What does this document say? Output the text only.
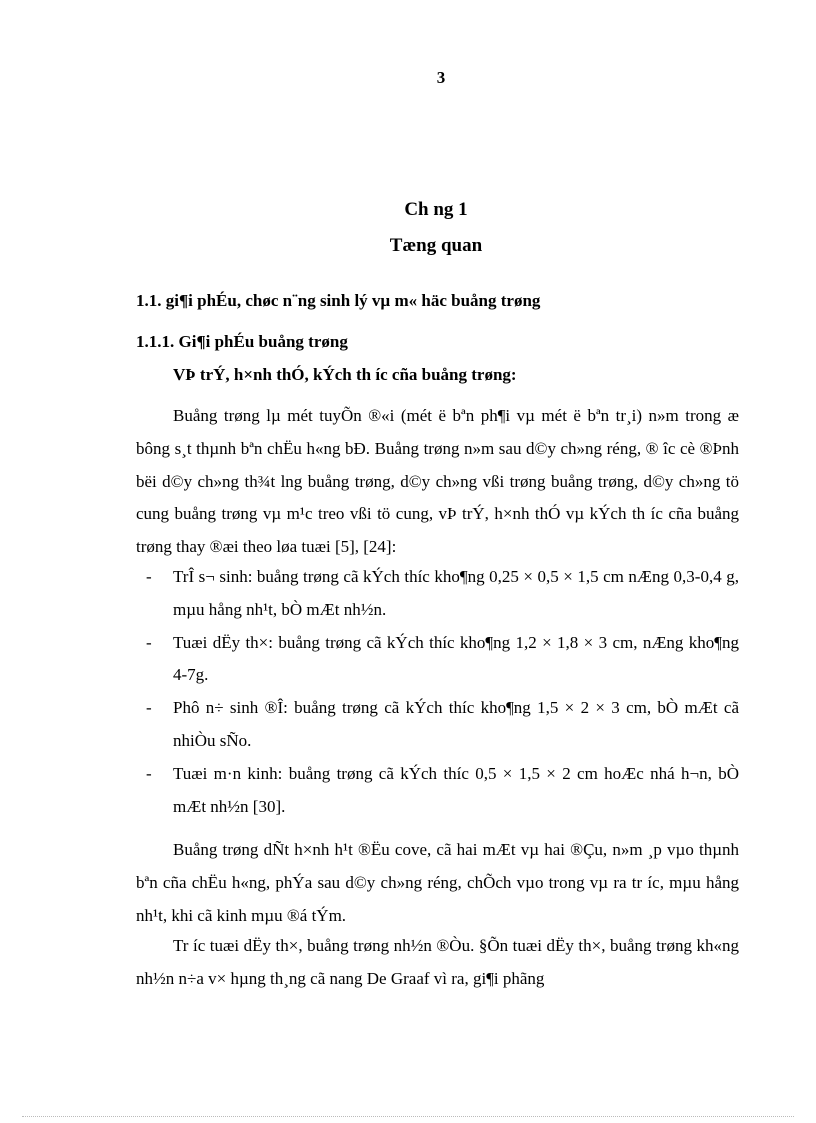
3
Ch ng 1
Tæng quan
1.1. gi¶i phÉu, chøc n¨ng sinh lý vµ m« häc buång trøng
1.1.1. Gi¶i phÉu buång trøng
VÞ trÝ, h×nh thÓ, kÝch th íc cña buång trøng:

Buång trøng lµ mét tuyÕn ®«i (mét ë bªn ph¶i vµ mét ë bªn tr¸i) n»m trong æ bông s¸t thµnh bªn chËu h«ng bÐ. Buång trøng n»m sau d©y ch»ng réng, ® îc cè ®Þnh bëi d©y ch»ng th¾t lng buång trøng, d©y ch»ng vßi trøng buång trøng, d©y ch»ng tö cung buång trøng vµ m¹c treo vßi tö cung, vÞ trÝ, h×nh thÓ vµ kÝch th íc cña buång trøng thay ®æi theo løa tuæi [5], [24]:

- TrÎ s¬ sinh: buång trøng cã kÝch thíc kho¶ng 0,25 × 0,5 × 1,5 cm nÆng 0,3-0,4 g, mµu hång nh¹t, bÒ mÆt nh½n.
- Tuæi dËy th×: buång trøng cã kÝch thíc kho¶ng 1,2 × 1,8 × 3 cm, nÆng kho¶ng 4-7g.
- Phô n÷ sinh ®Î: buång trøng cã kÝch thíc kho¶ng 1,5 × 2 × 3 cm, bÒ mÆt cã nhiÒu sÑo.
- Tuæi m·n kinh: buång trøng cã kÝch thíc 0,5 × 1,5 × 2 cm hoÆc nhá h¬n, bÒ mÆt nh½n [30].

Buång trøng dÑt h×nh h¹t ®Ëu cove, cã hai mÆt vµ hai ®Çu, n»m ¸p vµo thµnh bªn cña chËu h«ng, phÝa sau d©y ch»ng réng, chÕch vµo trong vµ ra tr íc, mµu hång nh¹t, khi cã kinh mµu ®á tÝm.

Tr íc tuæi dËy th×, buång trøng nh½n ®Òu. §Õn tuæi dËy th×, buång trøng kh«ng nh½n n÷a v× hµng th¸ng cã nang De Graaf vì ra, gi¶i phãng
